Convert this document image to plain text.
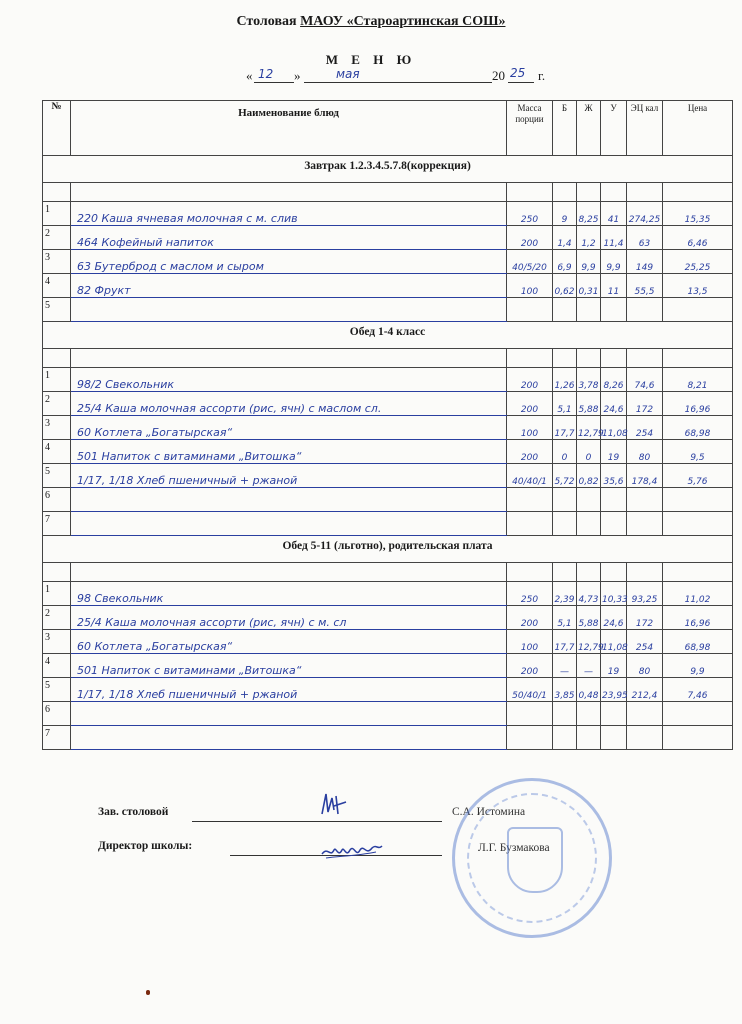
Столовая МАОУ «Староартинская СОШ»
М Е Н Ю
« 12 »	мая	20 25 г.
№	Наименование блюд	Масса порции	Б	Ж	У	ЭЦ кал	Цена
Завтрак 1.2.3.4.5.7.8(коррекция)							

1	220 Каша ячневая молочная с м. слив	250	9	8,25	41	274,25	15,35
2	464 Кофейный напиток	200	1,4	1,2	11,4	63	6,46
3	63 Бутерброд с маслом и сыром	40/5/20	6,9	9,9	9,9	149	25,25
4	82 Фрукт	100	0,62	0,31	11	55,5	13,5
5							
Обед 1-4 класс							

1	98/2 Свекольник	200	1,26	3,78	8,26	74,6	8,21
2	25/4 Каша молочная ассорти (рис, ячн) с маслом сл.	200	5,1	5,88	24,6	172	16,96
3	60 Котлета „Богатырская“	100	17,7	12,79	11,08	254	68,98
4	501 Напиток с витаминами „Витошка“	200	0	0	19	80	9,5
5	1/17, 1/18 Хлеб пшеничный + ржаной	40/40/1	5,72	0,82	35,6	178,4	5,76
6							
7							
Обед 5-11 (льготно), родительская плата							

1	98 Свекольник	250	2,39	4,73	10,33	93,25	11,02
2	25/4 Каша молочная ассорти (рис, ячн) с м. сл	200	5,1	5,88	24,6	172	16,96
3	60 Котлета „Богатырская“	100	17,7	12,79	11,08	254	68,98
4	501 Напиток с витаминами „Витошка“	200	—	—	19	80	9,9
5	1/17, 1/18 Хлеб пшеничный + ржаной	50/40/1	3,85	0,48	23,95	212,4	7,46
6							
7							
Зав. столовой	С.А. Истомина
Директор школы:	Л.Г. Бузмакова
